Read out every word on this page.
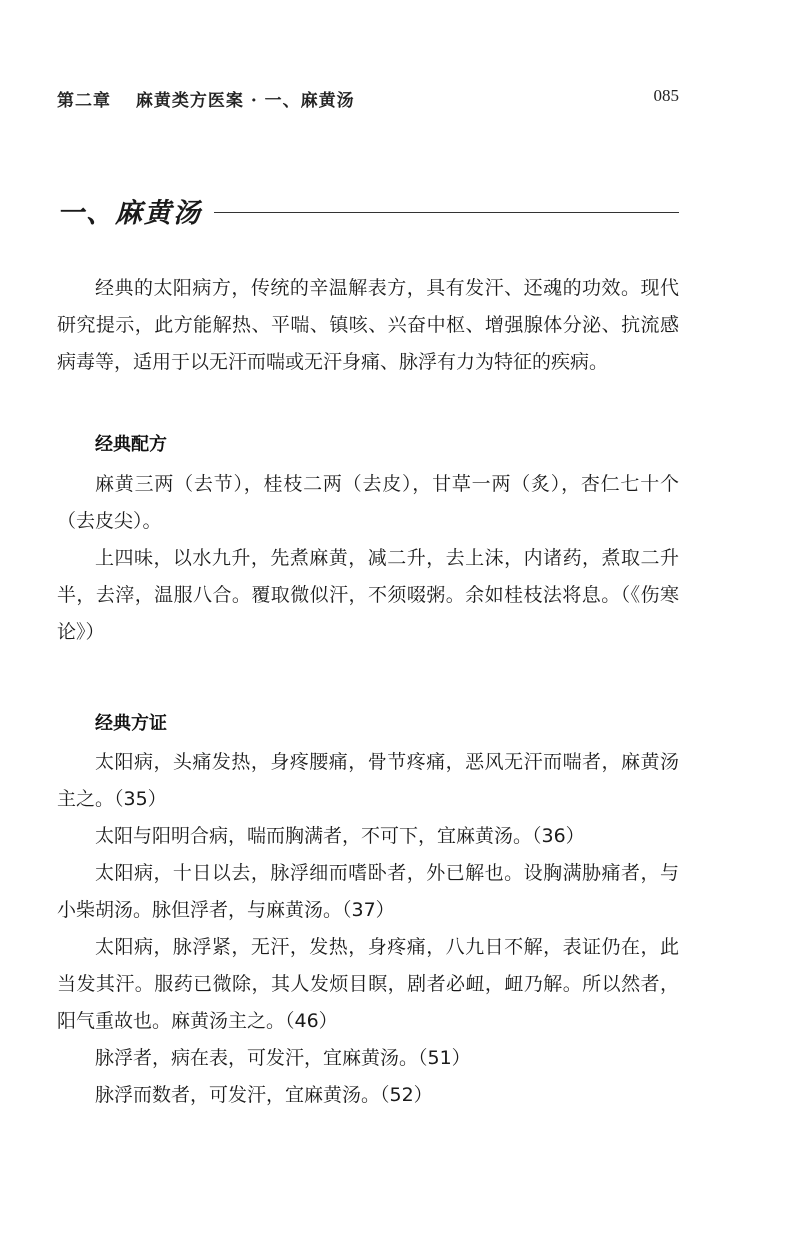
第二章 麻黄类方医案 · 一、麻黄汤	085
一、麻黄汤

经典的太阳病方，传统的辛温解表方，具有发汗、还魂的功效。现代研究提示，此方能解热、平喘、镇咳、兴奋中枢、增强腺体分泌、抗流感病毒等，适用于以无汗而喘或无汗身痛、脉浮有力为特征的疾病。

经典配方

麻黄三两（去节），桂枝二两（去皮），甘草一两（炙），杏仁七十个（去皮尖）。

上四味，以水九升，先煮麻黄，减二升，去上沫，内诸药，煮取二升半，去滓，温服八合。覆取微似汗，不须啜粥。余如桂枝法将息。（《伤寒论》）

经典方证

太阳病，头痛发热，身疼腰痛，骨节疼痛，恶风无汗而喘者，麻黄汤主之。（35）

太阳与阳明合病，喘而胸满者，不可下，宜麻黄汤。（36）

太阳病，十日以去，脉浮细而嗜卧者，外已解也。设胸满胁痛者，与小柴胡汤。脉但浮者，与麻黄汤。（37）

太阳病，脉浮紧，无汗，发热，身疼痛，八九日不解，表证仍在，此当发其汗。服药已微除，其人发烦目瞑，剧者必衄，衄乃解。所以然者，阳气重故也。麻黄汤主之。（46）

脉浮者，病在表，可发汗，宜麻黄汤。（51）

脉浮而数者，可发汗，宜麻黄汤。（52）
